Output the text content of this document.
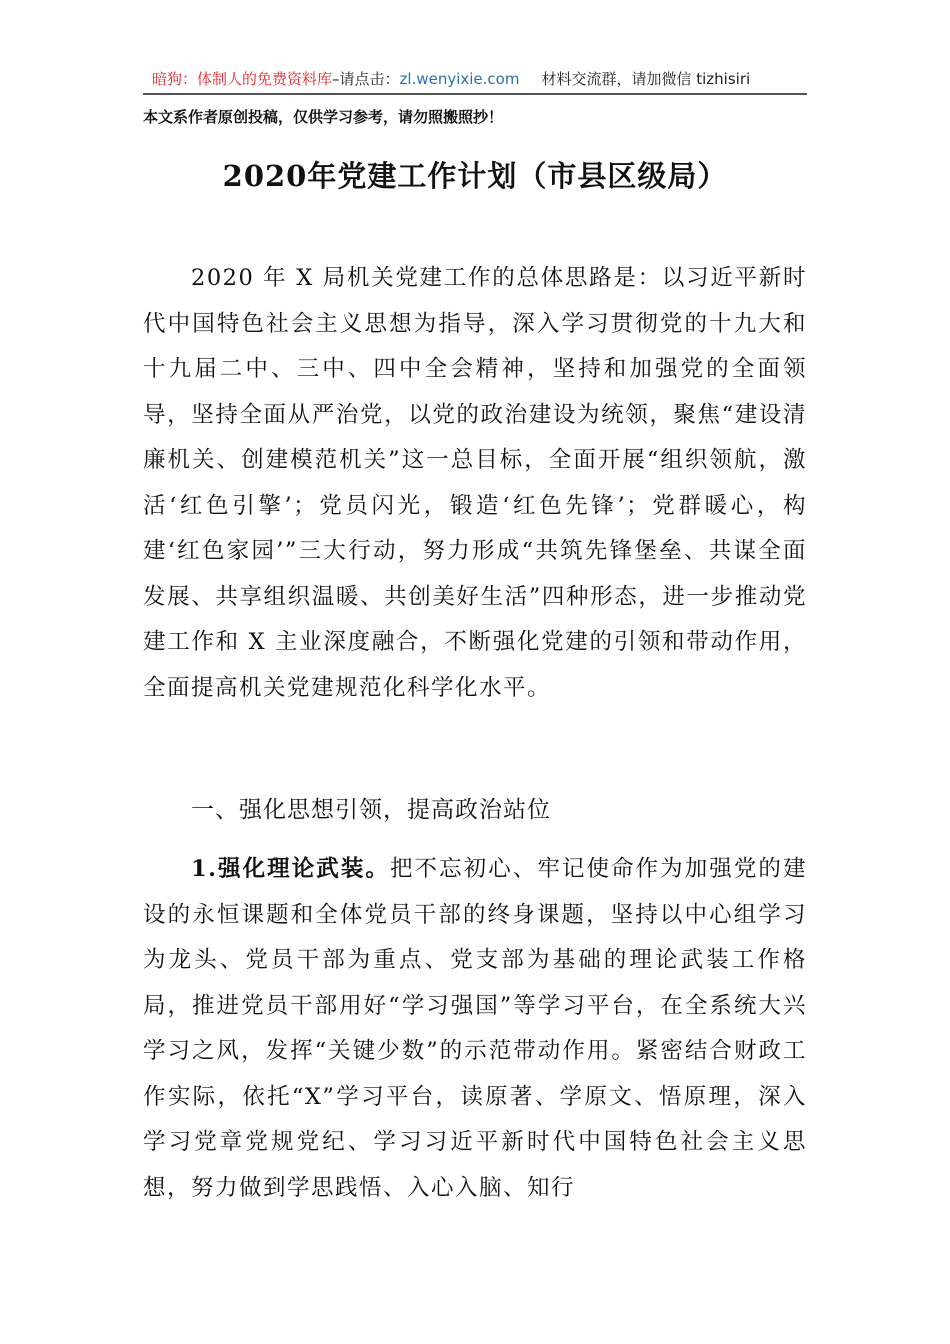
暗狗：体制人的免费资料库 –请点击： zl.wenyixie.com 材料交流群，请加微信 tizhisiri
本文系作者原创投稿，仅供学习参考，请勿照搬照抄！
2020年党建工作计划（市县区级局）

2020 年 X 局机关党建工作的总体思路是：以习近平新时代中国特色社会主义思想为指导，深入学习贯彻党的十九大和十九届二中、三中、四中全会精神，坚持和加强党的全面领导，坚持全面从严治党，以党的政治建设为统领，聚焦“建设清廉机关、创建模范机关”这一总目标，全面开展“组织领航，激活‘红色引擎’；党员闪光，锻造‘红色先锋’；党群暖心，构建‘红色家园’”三大行动，努力形成“共筑先锋堡垒、共谋全面发展、共享组织温暖、共创美好生活”四种形态，进一步推动党建工作和 X 主业深度融合，不断强化党建的引领和带动作用，全面提高机关党建规范化科学化水平。

一、强化思想引领，提高政治站位

1.强化理论武装。把不忘初心、牢记使命作为加强党的建设的永恒课题和全体党员干部的终身课题，坚持以中心组学习为龙头、党员干部为重点、党支部为基础的理论武装工作格局，推进党员干部用好“学习强国”等学习平台，在全系统大兴学习之风，发挥“关键少数”的示范带动作用。紧密结合财政工作实际，依托“X”学习平台，读原著、学原文、悟原理，深入学习党章党规党纪、学习习近平新时代中国特色社会主义思想，努力做到学思践悟、入心入脑、知行
